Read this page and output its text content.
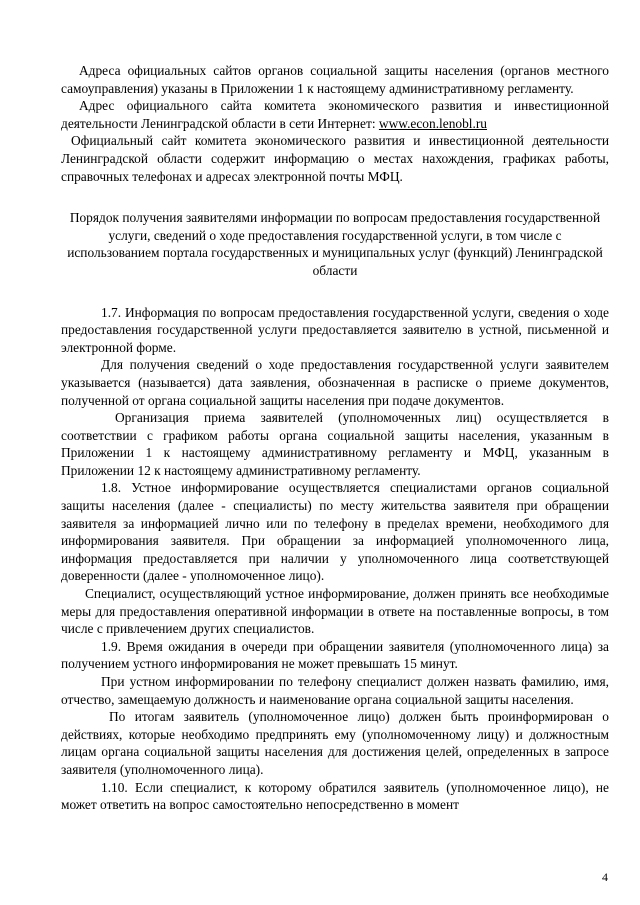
Адреса официальных сайтов органов социальной защиты населения (органов местного самоуправления) указаны в Приложении 1 к настоящему административному регламенту.

Адрес официального сайта комитета экономического развития и инвестиционной деятельности Ленинградской области в сети Интернет: www.econ.lenobl.ru

Официальный сайт комитета экономического развития и инвестиционной деятельности Ленинградской области содержит информацию о местах нахождения, графиках работы, справочных телефонах и адресах электронной почты МФЦ.

Порядок получения заявителями информации по вопросам предоставления государственной услуги, сведений о ходе предоставления государственной услуги, в том числе с использованием портала государственных и муниципальных услуг (функций) Ленинградской области

1.7. Информация по вопросам предоставления государственной услуги, сведения о ходе предоставления государственной услуги предоставляется заявителю в устной, письменной и электронной форме.

Для получения сведений о ходе предоставления государственной услуги заявителем указывается (называется) дата заявления, обозначенная в расписке о приеме документов, полученной от органа социальной защиты населения при подаче документов.

Организация приема заявителей (уполномоченных лиц) осуществляется в соответствии с графиком работы органа социальной защиты населения, указанным в Приложении 1 к настоящему административному регламенту и МФЦ, указанным в Приложении 12 к настоящему административному регламенту.

1.8. Устное информирование осуществляется специалистами органов социальной защиты населения (далее - специалисты) по месту жительства заявителя при обращении заявителя за информацией лично или по телефону в пределах времени, необходимого для информирования заявителя. При обращении за информацией уполномоченного лица, информация предоставляется при наличии у уполномоченного лица соответствующей доверенности (далее - уполномоченное лицо).

Специалист, осуществляющий устное информирование, должен принять все необходимые меры для предоставления оперативной информации в ответе на поставленные вопросы, в том числе с привлечением других специалистов.

1.9. Время ожидания в очереди при обращении заявителя (уполномоченного лица) за получением устного информирования не может превышать 15 минут.

При устном информировании по телефону специалист должен назвать фамилию, имя, отчество, замещаемую должность и наименование органа социальной защиты населения.

По итогам заявитель (уполномоченное лицо) должен быть проинформирован о действиях, которые необходимо предпринять ему (уполномоченному лицу) и должностным лицам органа социальной защиты населения для достижения целей, определенных в запросе заявителя (уполномоченного лица).

1.10. Если специалист, к которому обратился заявитель (уполномоченное лицо), не может ответить на вопрос самостоятельно непосредственно в момент

4
